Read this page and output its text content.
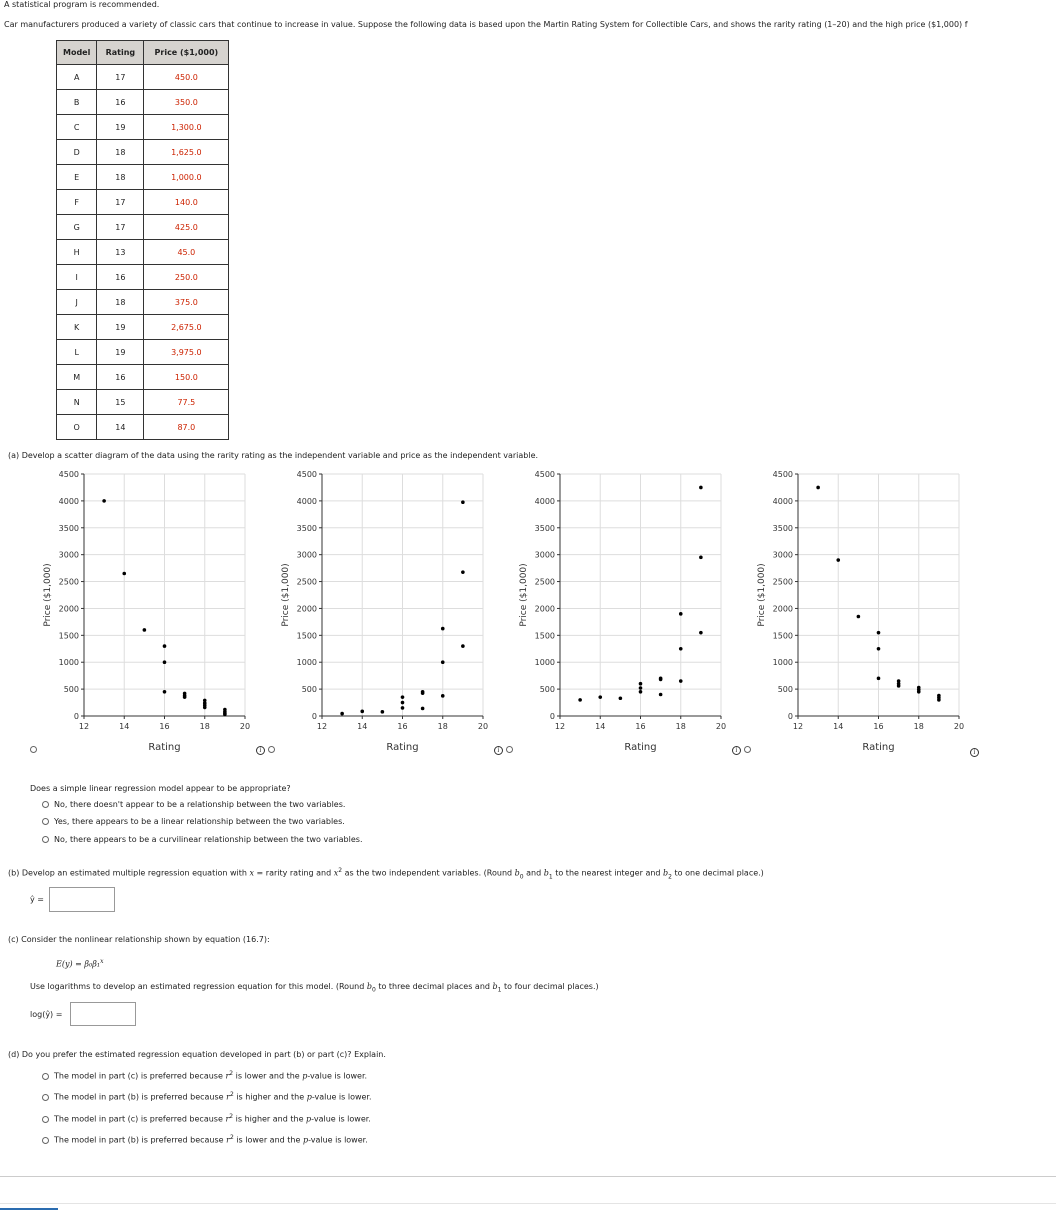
A statistical program is recommended.
Car manufacturers produced a variety of classic cars that continue to increase in value. Suppose the following data is based upon the Martin Rating System for Collectible Cars, and shows the rarity rating (1–20) and the high price ($1,000) f
Model	Rating	Price ($1,000)
A	17	450.0
B	16	350.0
C	19	1,300.0
D	18	1,625.0
E	18	1,000.0
F	17	140.0
G	17	425.0
H	13	45.0
I	16	250.0
J	18	375.0
K	19	2,675.0
L	19	3,975.0
M	16	150.0
N	15	77.5
O	14	87.0
(a) Develop a scatter diagram of the data using the rarity rating as the independent variable and price as the independent variable.
0
500
1000
1500
2000
2500
3000
3500
4000
4500
12	14	16	18	20
Rating
Price ($1,000)
0
500
1000
1500
2000
2500
3000
3500
4000
4500
12	14	16	18	20
Rating
Price ($1,000)
0
500
1000
1500
2000
2500
3000
3500
4000
4500
12	14	16	18	20
Rating
Price ($1,000)
0
500
1000
1500
2000
2500
3000
3500
4000
4500
12	14	16	18	20
Rating
Price ($1,000)
i	i	i	i
Does a simple linear regression model appear to be appropriate?
No, there doesn't appear to be a relationship between the two variables.
Yes, there appears to be a linear relationship between the two variables.
No, there appears to be a curvilinear relationship between the two variables.
(b) Develop an estimated multiple regression equation with x = rarity rating and $x^2$ as the two independent variables. (Round $b_0$ and $b_1$ to the nearest integer and $b_2$ to one decimal place.)
ŷ =
(c) Consider the nonlinear relationship shown by equation (16.7):
E(y) = β₀β₁$^x$
Use logarithms to develop an estimated regression equation for this model. (Round $b_0$ to three decimal places and $b_1$ to four decimal places.)
log(ŷ) =
(d) Do you prefer the estimated regression equation developed in part (b) or part (c)? Explain.
The model in part (c) is preferred because $r^2$ is lower and the p-value is lower.
The model in part (b) is preferred because $r^2$ is higher and the p-value is lower.
The model in part (c) is preferred because $r^2$ is higher and the p-value is lower.
The model in part (b) is preferred because $r^2$ is lower and the p-value is lower.
